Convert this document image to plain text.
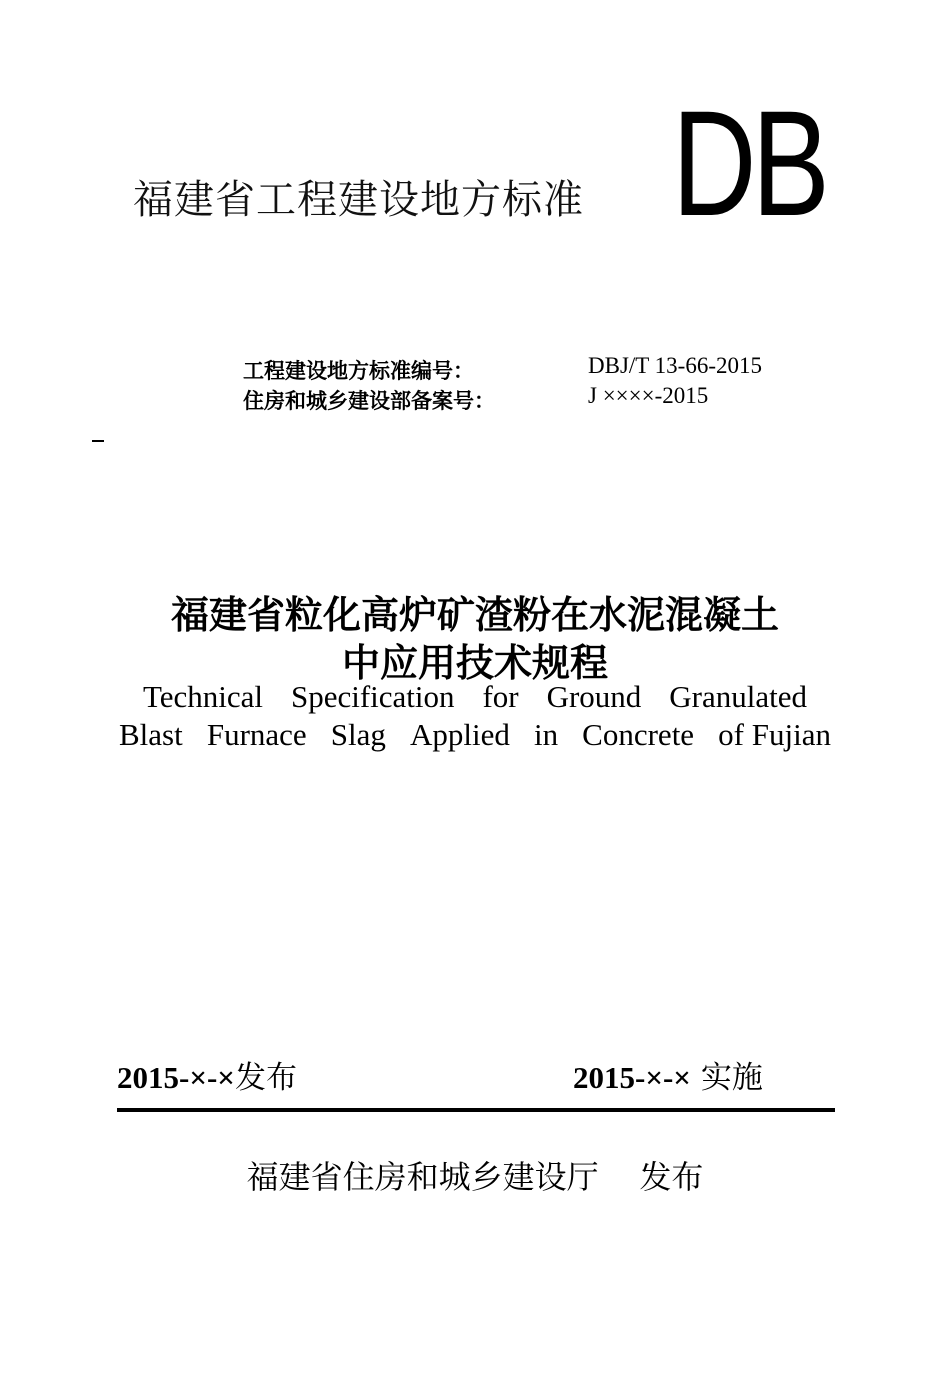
福建省工程建设地方标准 DB
工程建设地方标准编号：	DBJ/T 13-66-2015
住房和城乡建设部备案号：	J ××××-2015
福建省粒化高炉矿渣粉在水泥混凝土
中应用技术规程
Technical Specification for Ground Granulated
Blast Furnace Slag Applied in Concrete of Fujian
2015-×-×发布	2015-×-× 实施
福建省住房和城乡建设厅 发布
